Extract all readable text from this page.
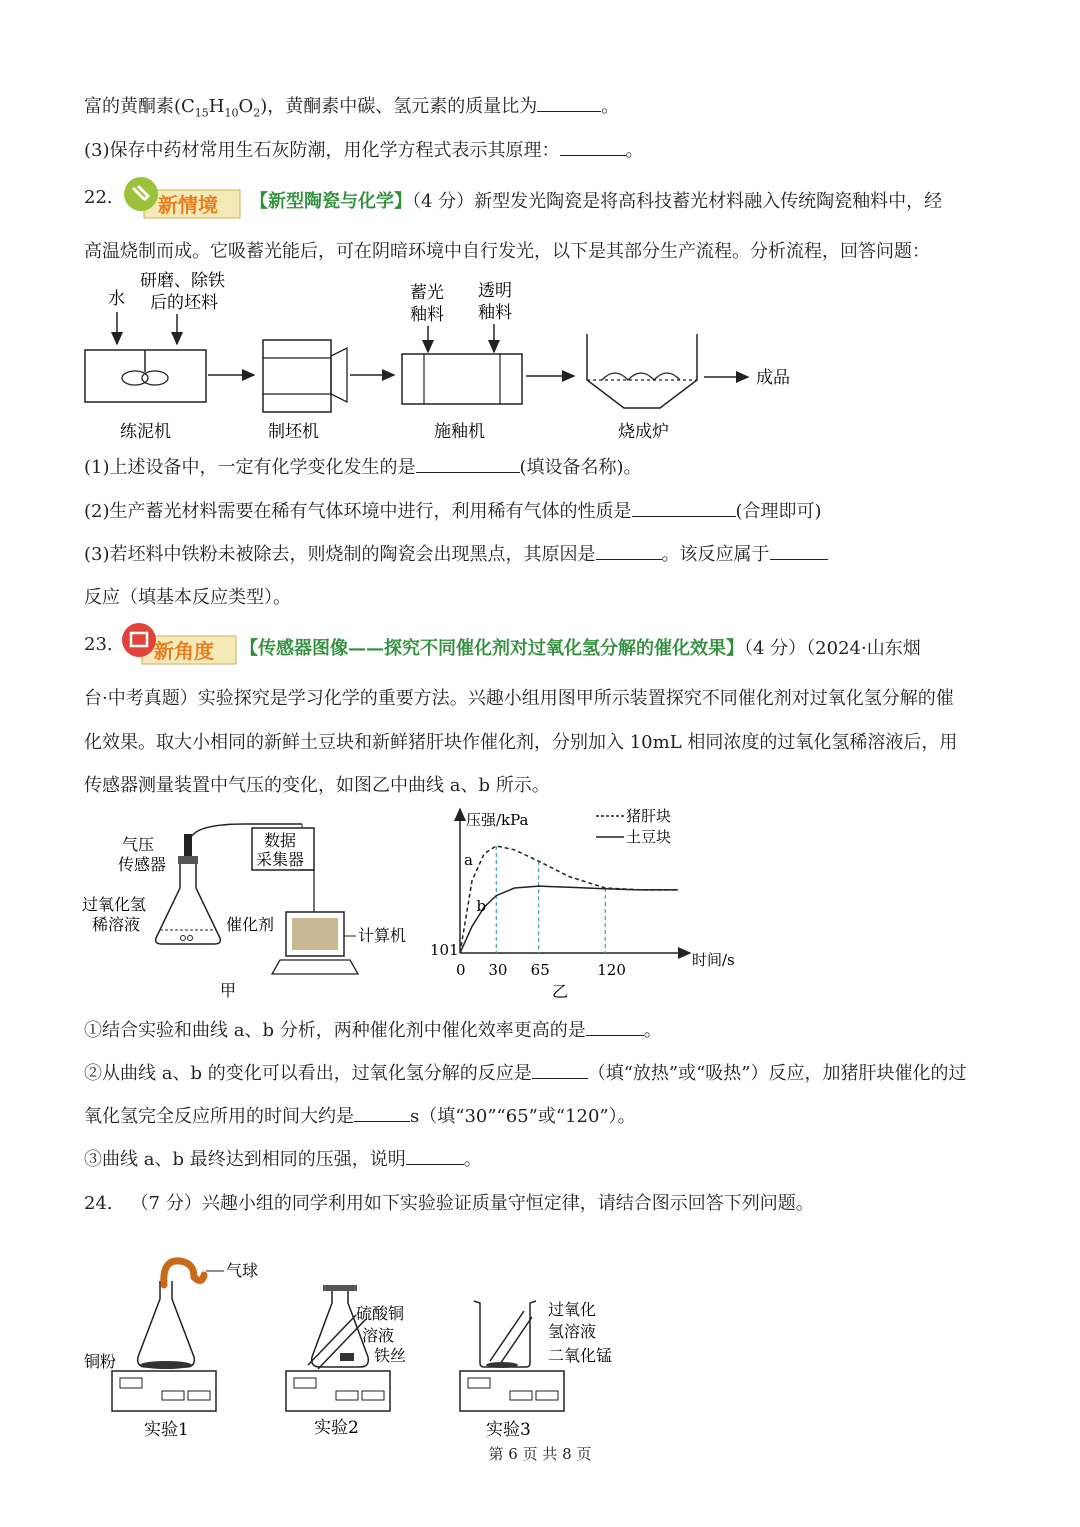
富的黄酮素$(C_{15}H_{10}O_2)$，黄酮素中碳、氢元素的质量比为	。
(3)保存中药材常用生石灰防潮，用化学方程式表示其原理：	。
22. 新情境 【新型陶瓷与化学】（4 分）新型发光陶瓷是将高科技蓄光材料融入传统陶瓷釉料中，经
高温烧制而成。它吸蓄光能后，可在阴暗环境中自行发光，以下是其部分生产流程。分析流程，回答问题：
水
研磨、除铁
后的坯料	蓄光
釉料
透明
釉料
成品
练泥机	制坯机	施釉机	烧成炉
(1)上述设备中，一定有化学变化发生的是	(填设备名称)。
(2)生产蓄光材料需要在稀有气体环境中进行，利用稀有气体的性质是	(合理即可)
(3)若坯料中铁粉未被除去，则烧制的陶瓷会出现黑点，其原因是	。该反应属于
反应（填基本反应类型）。
23. 新角度 【传感器图像——探究不同催化剂对过氧化氢分解的催化效果】（4 分）（2024·山东烟
台·中考真题）实验探究是学习化学的重要方法。兴趣小组用图甲所示装置探究不同催化剂对过氧化氢分解的催
化效果。取大小相同的新鲜土豆块和新鲜猪肝块作催化剂，分别加入 10mL 相同浓度的过氧化氢稀溶液后，用
传感器测量装置中气压的变化，如图乙中曲线 a、b 所示。
气压
传感器
数据
采集器
过氧化氢
稀溶液	催化剂
计算机
甲
压强/kPa
时间/s
101
0 30 65	120
a
b
猪肝块
土豆块
乙
①结合实验和曲线 a、b 分析，两种催化剂中催化效率更高的是	。
②从曲线 a、b 的变化可以看出，过氧化氢分解的反应是	（填“放热”或“吸热”）反应，加猪肝块催化的过
氧化氢完全反应所用的时间大约是	s（填“30”“65”或“120”）。
③曲线 a、b 最终达到相同的压强，说明	。
24. （7 分）兴趣小组的同学利用如下实验验证质量守恒定律，请结合图示回答下列问题。
气球
铜粉
实验1
硫酸铜
溶液
铁丝
实验2
过氧化
氢溶液
二氧化锰
实验3
第 6 页 共 8 页
